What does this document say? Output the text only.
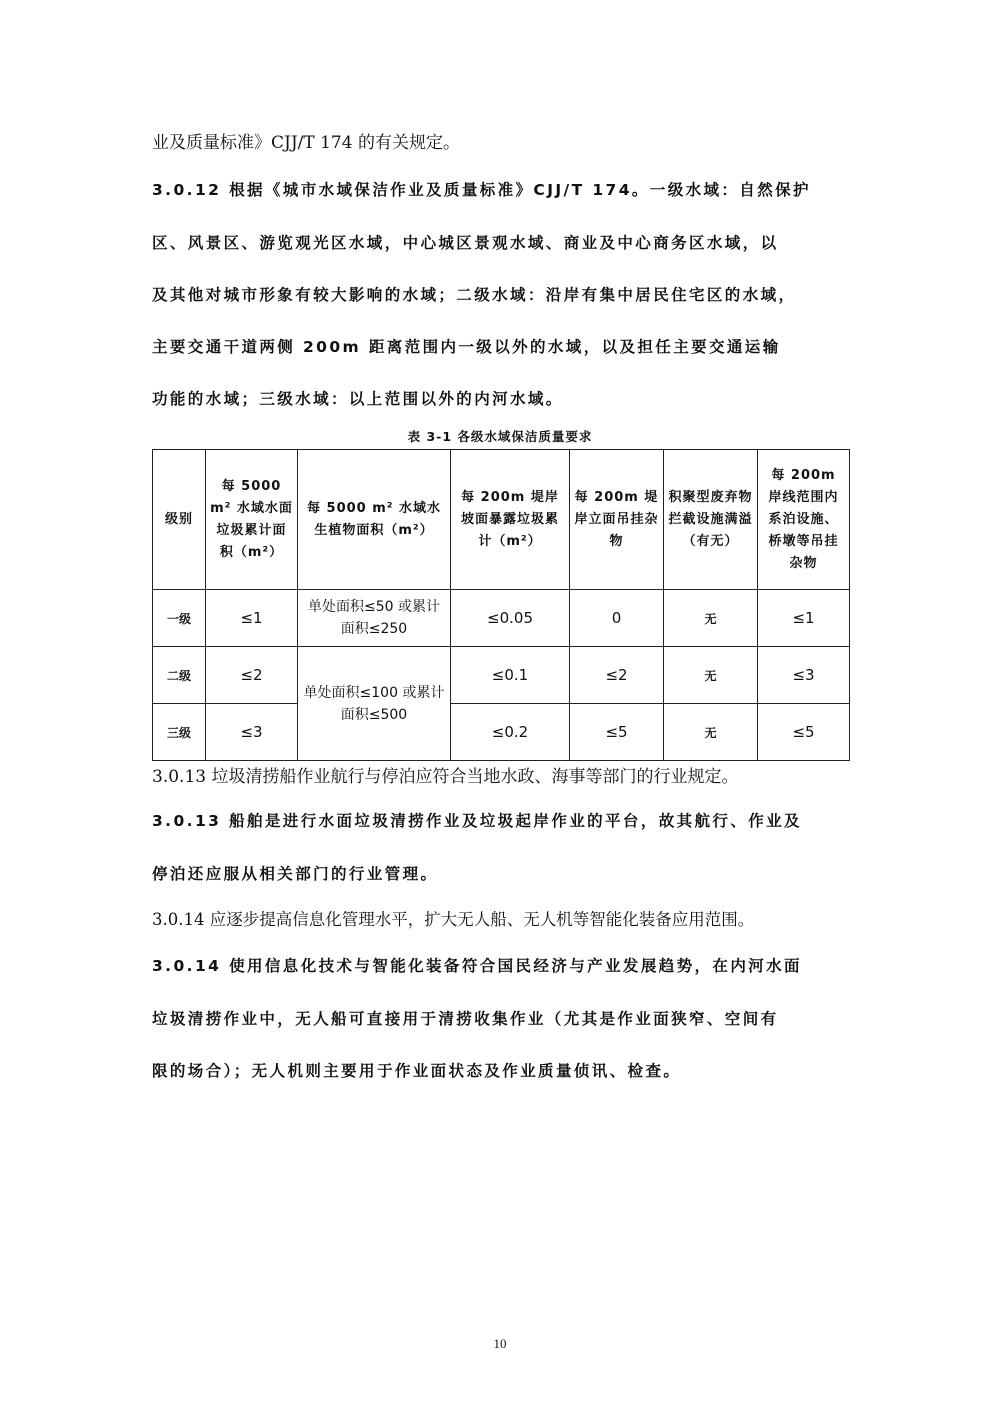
业及质量标准》CJJ/T 174 的有关规定。
3.0.12 根据《城市水域保洁作业及质量标准》CJJ/T 174。一级水域：自然保护
区、风景区、游览观光区水域，中心城区景观水域、商业及中心商务区水域，以
及其他对城市形象有较大影响的水域；二级水域：沿岸有集中居民住宅区的水域，
主要交通干道两侧 200m 距离范围内一级以外的水域，以及担任主要交通运输
功能的水域；三级水域：以上范围以外的内河水域。
表 3-1 各级水域保洁质量要求
级别	每 5000 m² 水域水面垃圾累计面积（m²）	每 5000 m² 水域水生植物面积（m²）	每 200m 堤岸坡面暴露垃圾累计（m²）	每 200m 堤岸立面吊挂杂物	积聚型废弃物拦截设施满溢（有无）	每 200m 岸线范围内系泊设施、桥墩等吊挂杂物
一级	≤1	单处面积≤50 或累计面积≤250	≤0.05	0	无	≤1
二级	≤2	单处面积≤100 或累计面积≤500	≤0.1	≤2	无	≤3
三级	≤3		≤0.2	≤5	无	≤5
3.0.13 垃圾清捞船作业航行与停泊应符合当地水政、海事等部门的行业规定。
3.0.13 船舶是进行水面垃圾清捞作业及垃圾起岸作业的平台，故其航行、作业及
停泊还应服从相关部门的行业管理。
3.0.14 应逐步提高信息化管理水平，扩大无人船、无人机等智能化装备应用范围。
3.0.14 使用信息化技术与智能化装备符合国民经济与产业发展趋势，在内河水面
垃圾清捞作业中，无人船可直接用于清捞收集作业（尤其是作业面狭窄、空间有
限的场合）；无人机则主要用于作业面状态及作业质量侦讯、检查。
10
